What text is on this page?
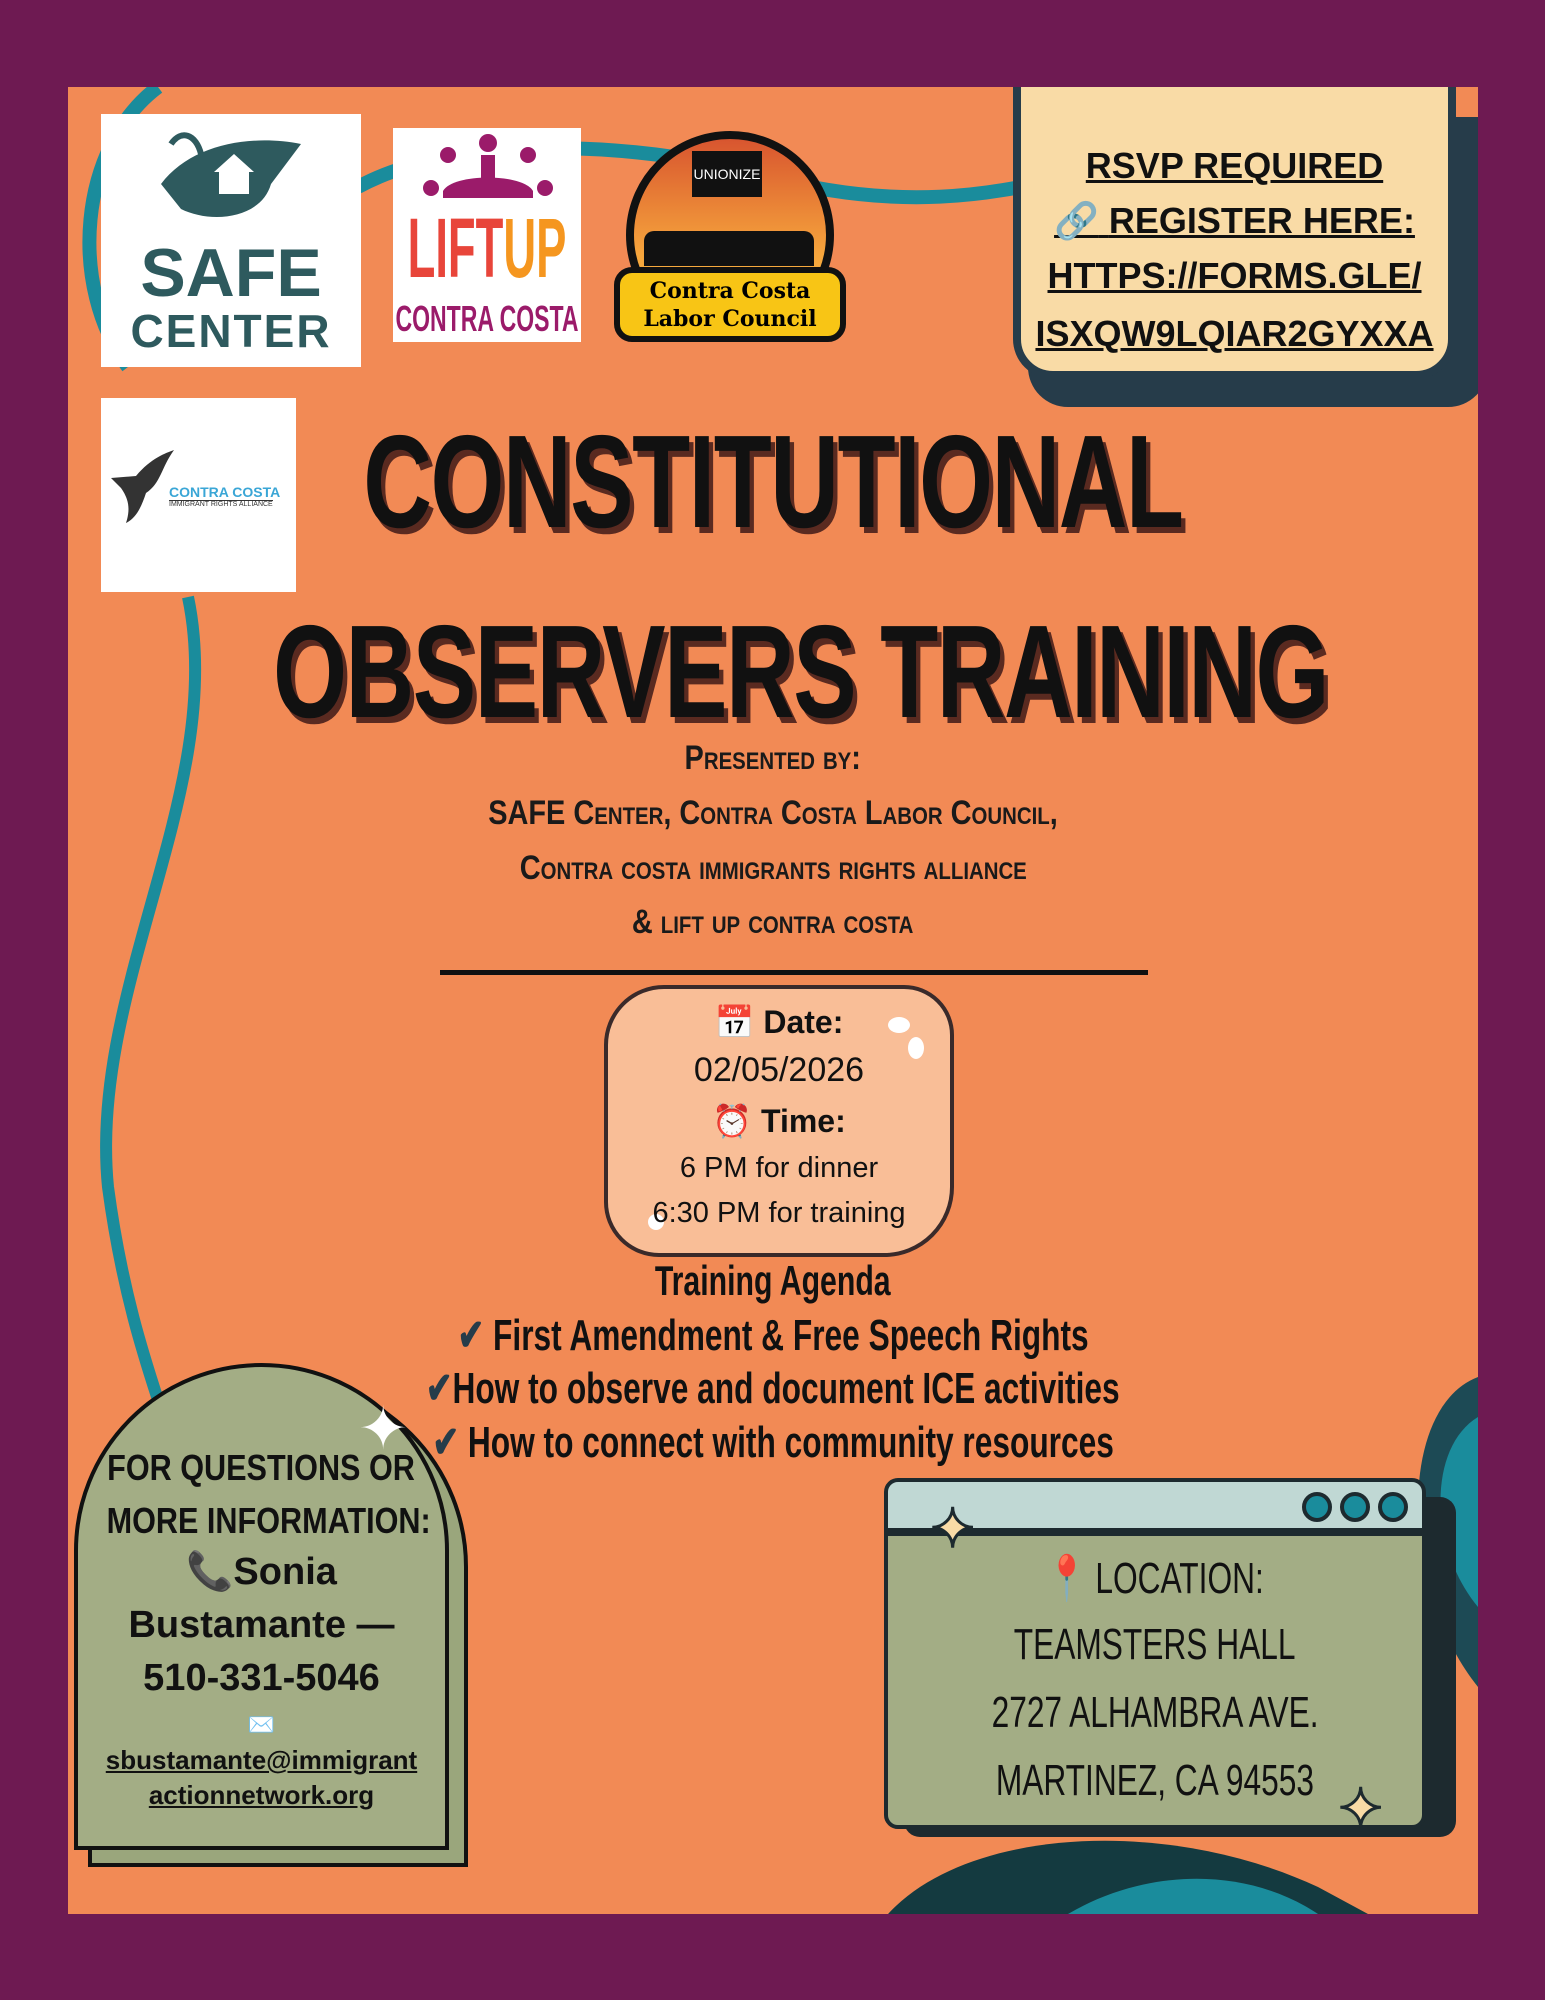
SAFE
CENTER
LIFTUP
CONTRA COSTA
UNIONIZE
Contra Costa
Labor Council
CONTRA COSTA
IMMIGRANT RIGHTS ALLIANCE
RSVP REQUIRED
🔗 REGISTER HERE:
HTTPS://FORMS.GLE/
ISXQW9LQIAR2GYXXA
CONSTITUTIONAL
OBSERVERS TRAINING
Presented by:
SAFE Center, Contra Costa Labor Council,
Contra costa immigrants rights alliance
& lift up contra costa
📅 Date:
02/05/2026
⏰ Time:
6 PM for dinner
6:30 PM for training
Training Agenda
✔ First Amendment & Free Speech Rights
✔How to observe and document ICE activities
✔ How to connect with community resources
FOR QUESTIONS OR
MORE INFORMATION:
📞Sonia
Bustamante —
510-331-5046
✉️
sbustamante@immigrant
actionnetwork.org
✦
📍 LOCATION:
TEAMSTERS HALL
2727 ALHAMBRA AVE.
MARTINEZ, CA 94553
✦
✦
